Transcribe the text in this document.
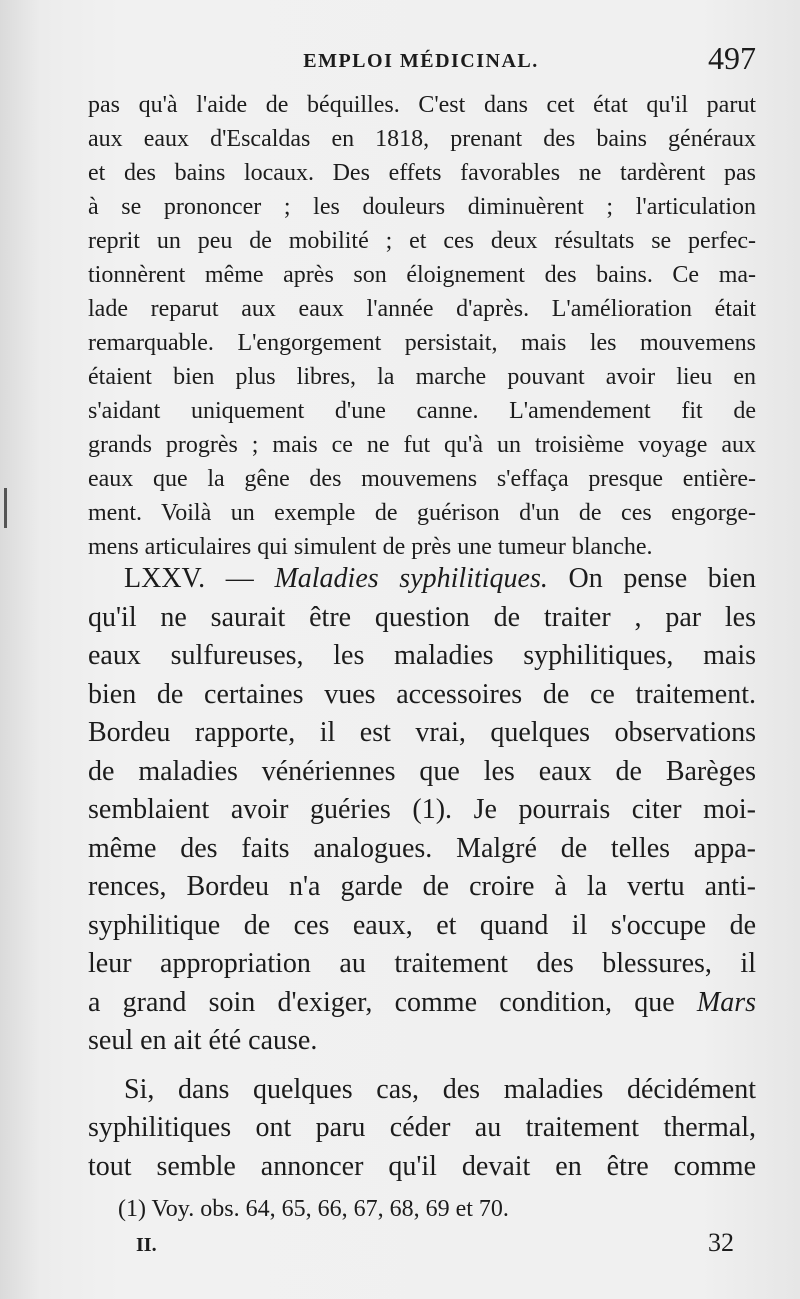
EMPLOI MÉDICINAL.	497
pas qu'à l'aide de béquilles. C'est dans cet état qu'il parut
aux eaux d'Escaldas en 1818, prenant des bains généraux
et des bains locaux. Des effets favorables ne tardèrent pas
à se prononcer ; les douleurs diminuèrent ; l'articulation
reprit un peu de mobilité ; et ces deux résultats se perfec-
tionnèrent même après son éloignement des bains. Ce ma-
lade reparut aux eaux l'année d'après. L'amélioration était
remarquable. L'engorgement persistait, mais les mouvemens
étaient bien plus libres, la marche pouvant avoir lieu en
s'aidant uniquement d'une canne. L'amendement fit de
grands progrès ; mais ce ne fut qu'à un troisième voyage aux
eaux que la gêne des mouvemens s'effaça presque entière-
ment. Voilà un exemple de guérison d'un de ces engorge-
mens articulaires qui simulent de près une tumeur blanche.
LXXV. — Maladies syphilitiques. On pense bien
qu'il ne saurait être question de traiter , par les
eaux sulfureuses, les maladies syphilitiques, mais
bien de certaines vues accessoires de ce traitement.
Bordeu rapporte, il est vrai, quelques observations
de maladies vénériennes que les eaux de Barèges
semblaient avoir guéries (1). Je pourrais citer moi-
même des faits analogues. Malgré de telles appa-
rences, Bordeu n'a garde de croire à la vertu anti-
syphilitique de ces eaux, et quand il s'occupe de
leur appropriation au traitement des blessures, il
a grand soin d'exiger, comme condition, que Mars
seul en ait été cause.
Si, dans quelques cas, des maladies décidément
syphilitiques ont paru céder au traitement thermal,
tout semble annoncer qu'il devait en être comme
(1) Voy. obs. 64, 65, 66, 67, 68, 69 et 70.
II.	32
